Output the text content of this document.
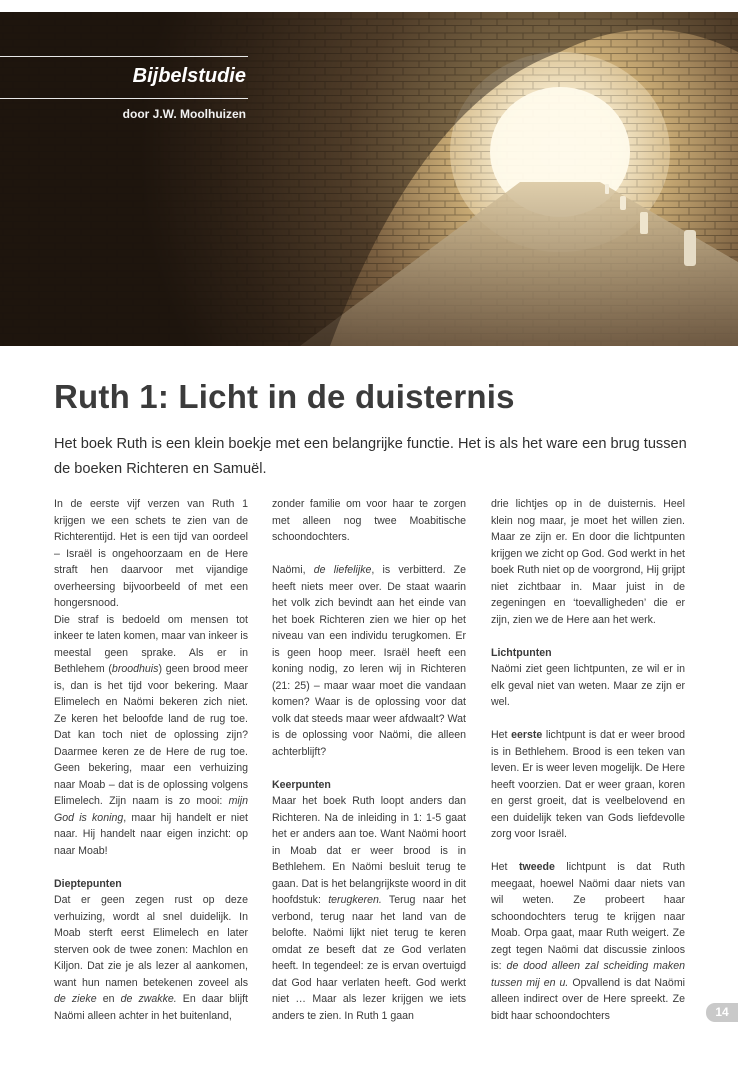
Bijbelstudie

door J.W. Moolhuizen

Ruth 1: Licht in de duisternis

Het boek Ruth is een klein boekje met een belangrijke functie. Het is als het ware een brug tussen de boeken Richteren en Samuël.

In de eerste vijf verzen van Ruth 1 krijgen we een schets te zien van de Richterentijd. Het is een tijd van oordeel – Israël is ongehoorzaam en de Here straft hen daarvoor met vijandige overheersing bijvoorbeeld of met een hongersnood.

Die straf is bedoeld om mensen tot inkeer te laten komen, maar van inkeer is meestal geen sprake. Als er in Bethlehem (broodhuis) geen brood meer is, dan is het tijd voor bekering. Maar Elimelech en Naömi bekeren zich niet. Ze keren het beloofde land de rug toe. Dat kan toch niet de oplossing zijn? Daarmee keren ze de Here de rug toe. Geen bekering, maar een verhuizing naar Moab – dat is de oplossing volgens Elimelech. Zijn naam is zo mooi: mijn God is koning, maar hij handelt er niet naar. Hij handelt naar eigen inzicht: op naar Moab!

Dieptepunten

Dat er geen zegen rust op deze verhuizing, wordt al snel duidelijk. In Moab sterft eerst Elimelech en later sterven ook de twee zonen: Machlon en Kiljon. Dat zie je als lezer al aankomen, want hun namen betekenen zoveel als de zieke en de zwakke. En daar blijft Naömi alleen achter in het buitenland,

zonder familie om voor haar te zorgen met alleen nog twee Moabitische schoondochters.

Naömi, de liefelijke, is verbitterd. Ze heeft niets meer over. De staat waarin het volk zich bevindt aan het einde van het boek Richteren zien we hier op het niveau van een individu terugkomen. Er is geen hoop meer. Israël heeft een koning nodig, zo leren wij in Richteren (21: 25) – maar waar moet die vandaan komen? Waar is de oplossing voor dat volk dat steeds maar weer afdwaalt? Wat is de oplossing voor Naömi, die alleen achterblijft?

Keerpunten

Maar het boek Ruth loopt anders dan Richteren. Na de inleiding in 1: 1-5 gaat het er anders aan toe. Want Naömi hoort in Moab dat er weer brood is in Bethlehem. En Naömi besluit terug te gaan. Dat is het belangrijkste woord in dit hoofdstuk: terugkeren. Terug naar het verbond, terug naar het land van de belofte. Naömi lijkt niet terug te keren omdat ze beseft dat ze God verlaten heeft. In tegendeel: ze is ervan overtuigd dat God haar verlaten heeft. God werkt niet … Maar als lezer krijgen we iets anders te zien. In Ruth 1 gaan

drie lichtjes op in de duisternis. Heel klein nog maar, je moet het willen zien. Maar ze zijn er. En door die lichtpunten krijgen we zicht op God. God werkt in het boek Ruth niet op de voorgrond, Hij grijpt niet zichtbaar in. Maar juist in de zegeningen en ‘toevalligheden’ die er zijn, zien we de Here aan het werk.

Lichtpunten

Naömi ziet geen lichtpunten, ze wil er in elk geval niet van weten. Maar ze zijn er wel.

Het eerste lichtpunt is dat er weer brood is in Bethlehem. Brood is een teken van leven. Er is weer leven mogelijk. De Here heeft voorzien. Dat er weer graan, koren en gerst groeit, dat is veelbelovend en een duidelijk teken van Gods liefdevolle zorg voor Israël.

Het tweede lichtpunt is dat Ruth meegaat, hoewel Naömi daar niets van wil weten. Ze probeert haar schoondochters terug te krijgen naar Moab. Orpa gaat, maar Ruth weigert. Ze zegt tegen Naömi dat discussie zinloos is: de dood alleen zal scheiding maken tussen mij en u. Opvallend is dat Naömi alleen indirect over de Here spreekt. Ze bidt haar schoondochters	14
